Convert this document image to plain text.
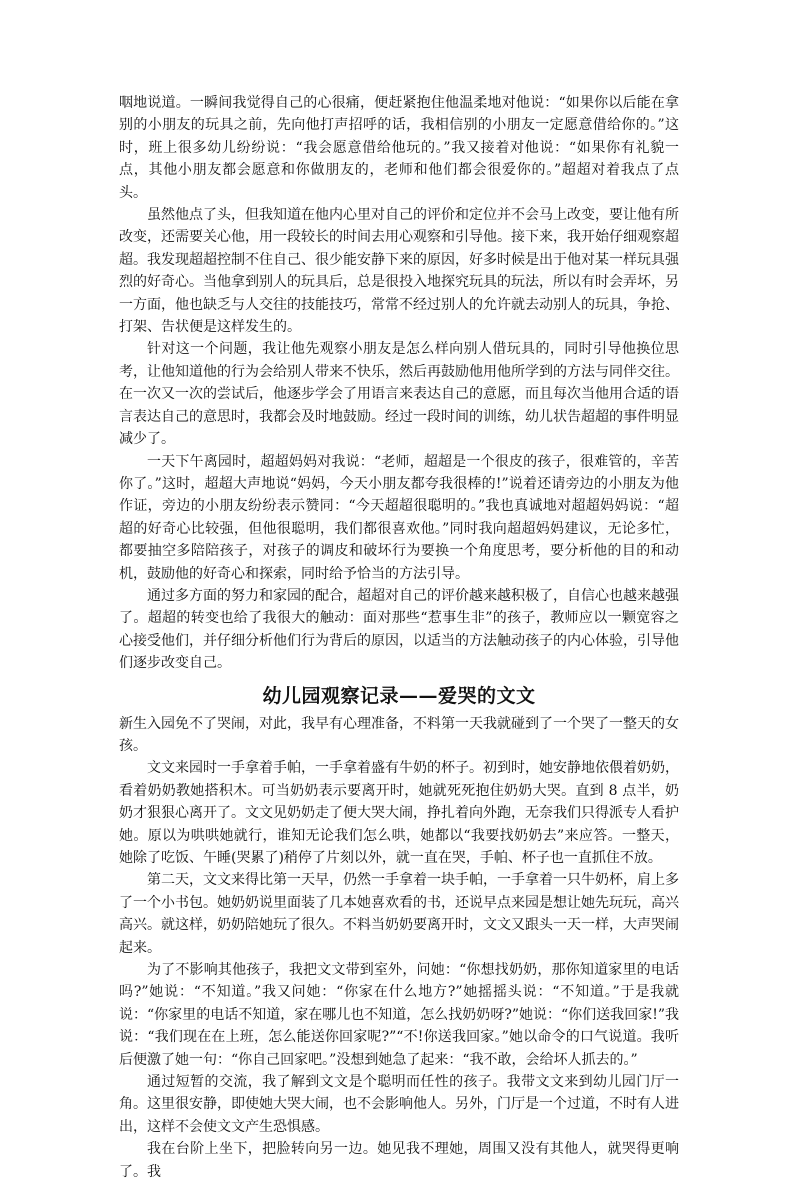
咽地说道。一瞬间我觉得自己的心很痛，便赶紧抱住他温柔地对他说：“如果你以后能在拿别的小朋友的玩具之前，先向他打声招呼的话，我相信别的小朋友一定愿意借给你的。”这时，班上很多幼儿纷纷说：“我会愿意借给他玩的。”我又接着对他说：“如果你有礼貌一点，其他小朋友都会愿意和你做朋友的，老师和他们都会很爱你的。”超超对着我点了点头。

虽然他点了头，但我知道在他内心里对自己的评价和定位并不会马上改变，要让他有所改变，还需要关心他，用一段较长的时间去用心观察和引导他。接下来，我开始仔细观察超超。我发现超超控制不住自己、很少能安静下来的原因，好多时候是出于他对某一样玩具强烈的好奇心。当他拿到别人的玩具后，总是很投入地探究玩具的玩法，所以有时会弄坏，另一方面，他也缺乏与人交往的技能技巧，常常不经过别人的允许就去动别人的玩具，争抢、打架、告状便是这样发生的。

针对这一个问题，我让他先观察小朋友是怎么样向别人借玩具的，同时引导他换位思考，让他知道他的行为会给别人带来不快乐，然后再鼓励他用他所学到的方法与同伴交往。在一次又一次的尝试后，他逐步学会了用语言来表达自己的意愿，而且每次当他用合适的语言表达自己的意思时，我都会及时地鼓励。经过一段时间的训练，幼儿状告超超的事件明显减少了。

一天下午离园时，超超妈妈对我说：“老师，超超是一个很皮的孩子，很难管的，辛苦你了。”这时，超超大声地说“妈妈，今天小朋友都夸我很棒的!”说着还请旁边的小朋友为他作证，旁边的小朋友纷纷表示赞同：“今天超超很聪明的。”我也真诚地对超超妈妈说：“超超的好奇心比较强，但他很聪明，我们都很喜欢他。”同时我向超超妈妈建议，无论多忙，都要抽空多陪陪孩子，对孩子的调皮和破坏行为要换一个角度思考，要分析他的目的和动机，鼓励他的好奇心和探索，同时给予恰当的方法引导。

通过多方面的努力和家园的配合，超超对自己的评价越来越积极了，自信心也越来越强了。超超的转变也给了我很大的触动：面对那些“惹事生非”的孩子，教师应以一颗宽容之心接受他们，并仔细分析他们行为背后的原因，以适当的方法触动孩子的内心体验，引导他们逐步改变自己。

幼儿园观察记录——爱哭的文文

新生入园免不了哭闹，对此，我早有心理准备，不料第一天我就碰到了一个哭了一整天的女孩。

文文来园时一手拿着手帕，一手拿着盛有牛奶的杯子。初到时，她安静地依偎着奶奶，看着奶奶教她搭积木。可当奶奶表示要离开时，她就死死抱住奶奶大哭。直到 8 点半，奶奶才狠狠心离开了。文文见奶奶走了便大哭大闹，挣扎着向外跑，无奈我们只得派专人看护她。原以为哄哄她就行，谁知无论我们怎么哄，她都以“我要找奶奶去”来应答。一整天，她除了吃饭、午睡(哭累了)稍停了片刻以外，就一直在哭，手帕、杯子也一直抓住不放。

第二天，文文来得比第一天早，仍然一手拿着一块手帕，一手拿着一只牛奶杯，肩上多了一个小书包。她奶奶说里面装了几本她喜欢看的书，还说早点来园是想让她先玩玩，高兴高兴。就这样，奶奶陪她玩了很久。不料当奶奶要离开时，文文又跟头一天一样，大声哭闹起来。

为了不影响其他孩子，我把文文带到室外，问她：“你想找奶奶，那你知道家里的电话吗?”她说：“不知道。”我又问她：“你家在什么地方?”她摇摇头说：“不知道。”于是我就说：“你家里的电话不知道，家在哪儿也不知道，怎么找奶奶呀?”她说：“你们送我回家!”我说：“我们现在在上班，怎么能送你回家呢?”“不!你送我回家。”她以命令的口气说道。我听后便激了她一句：“你自己回家吧。”没想到她急了起来：“我不敢，会给坏人抓去的。”

通过短暂的交流，我了解到文文是个聪明而任性的孩子。我带文文来到幼儿园门厅一角。这里很安静，即使她大哭大闹，也不会影响他人。另外，门厅是一个过道，不时有人进出，这样不会使文文产生恐惧感。

我在台阶上坐下，把脸转向另一边。她见我不理她，周围又没有其他人，就哭得更响了。我
